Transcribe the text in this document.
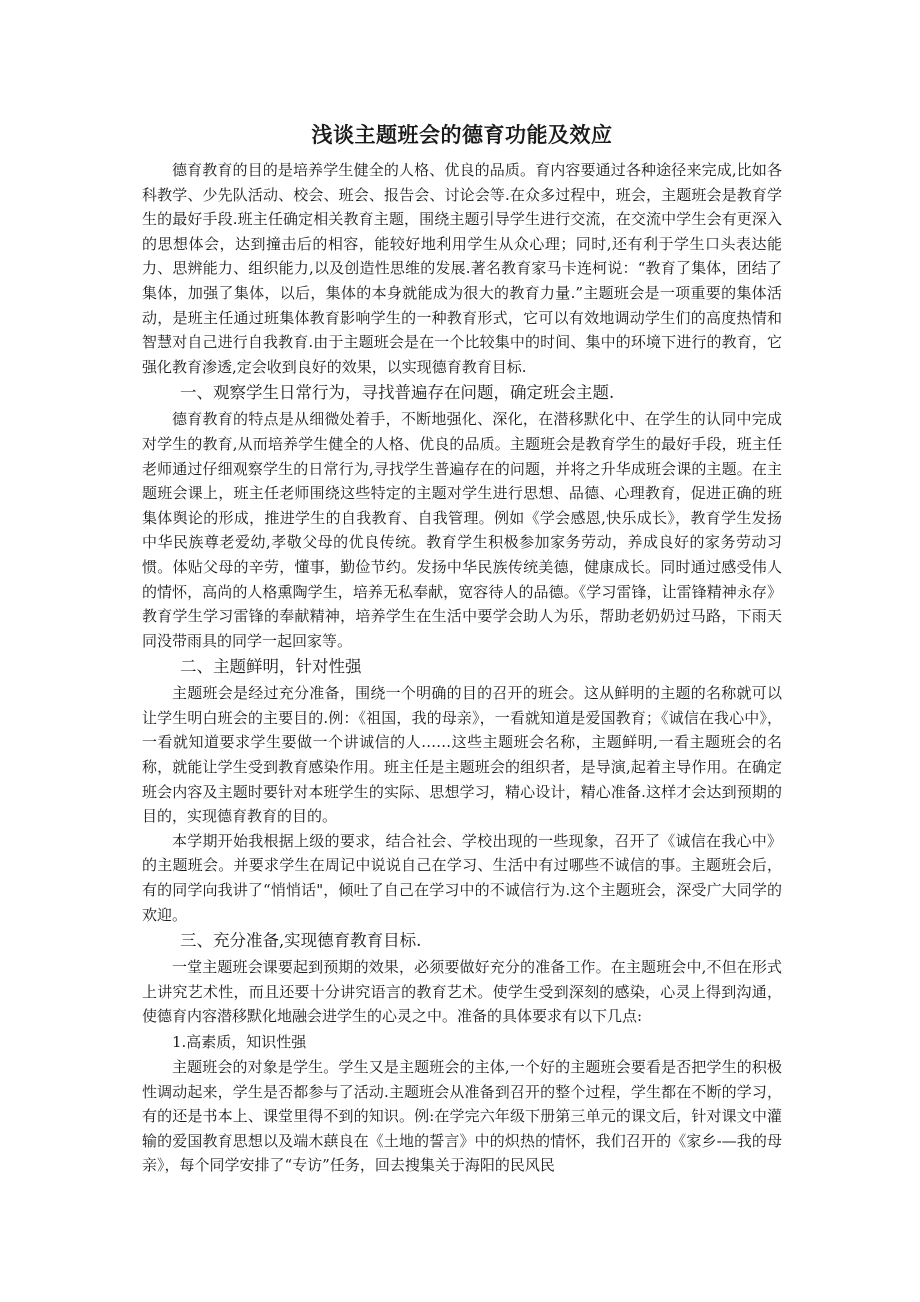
浅谈主题班会的德育功能及效应

德育教育的目的是培养学生健全的人格、优良的品质。育内容要通过各种途径来完成,比如各科教学、少先队活动、校会、班会、报告会、讨论会等.在众多过程中，班会，主题班会是教育学生的最好手段.班主任确定相关教育主题，围绕主题引导学生进行交流，在交流中学生会有更深入的思想体会，达到撞击后的相容，能较好地利用学生从众心理；同时,还有利于学生口头表达能力、思辨能力、组织能力,以及创造性思维的发展.著名教育家马卡连柯说：“教育了集体，团结了集体，加强了集体，以后，集体的本身就能成为很大的教育力量.”主题班会是一项重要的集体活动，是班主任通过班集体教育影响学生的一种教育形式，它可以有效地调动学生们的高度热情和智慧对自己进行自我教育.由于主题班会是在一个比较集中的时间、集中的环境下进行的教育，它强化教育渗透,定会收到良好的效果，以实现德育教育目标.

一、观察学生日常行为，寻找普遍存在问题，确定班会主题.

德育教育的特点是从细微处着手，不断地强化、深化，在潜移默化中、在学生的认同中完成对学生的教育,从而培养学生健全的人格、优良的品质。主题班会是教育学生的最好手段，班主任老师通过仔细观察学生的日常行为,寻找学生普遍存在的问题，并将之升华成班会课的主题。在主题班会课上，班主任老师围绕这些特定的主题对学生进行思想、品德、心理教育，促进正确的班集体舆论的形成，推进学生的自我教育、自我管理。例如《学会感恩,快乐成长》，教育学生发扬中华民族尊老爱幼,孝敬父母的优良传统。教育学生积极参加家务劳动，养成良好的家务劳动习惯。体贴父母的辛劳，懂事，勤俭节约。发扬中华民族传统美德，健康成长。同时通过感受伟人的情怀，高尚的人格熏陶学生，培养无私奉献，宽容待人的品德。《学习雷锋，让雷锋精神永存》教育学生学习雷锋的奉献精神，培养学生在生活中要学会助人为乐，帮助老奶奶过马路，下雨天同没带雨具的同学一起回家等。

二、主题鲜明，针对性强

主题班会是经过充分准备，围绕一个明确的目的召开的班会。这从鲜明的主题的名称就可以让学生明白班会的主要目的.例：《祖国，我的母亲》，一看就知道是爱国教育；《诚信在我心中》，一看就知道要求学生要做一个讲诚信的人……这些主题班会名称，主题鲜明,一看主题班会的名称，就能让学生受到教育感染作用。班主任是主题班会的组织者，是导演,起着主导作用。在确定班会内容及主题时要针对本班学生的实际、思想学习，精心设计，精心准备.这样才会达到预期的目的，实现德育教育的目的。

本学期开始我根据上级的要求，结合社会、学校出现的一些现象，召开了《诚信在我心中》的主题班会。并要求学生在周记中说说自己在学习、生活中有过哪些不诚信的事。主题班会后，有的同学向我讲了“悄悄话"，倾吐了自己在学习中的不诚信行为.这个主题班会，深受广大同学的欢迎。

三、充分准备,实现德育教育目标.

一堂主题班会课要起到预期的效果，必须要做好充分的准备工作。在主题班会中,不但在形式上讲究艺术性，而且还要十分讲究语言的教育艺术。使学生受到深刻的感染，心灵上得到沟通，使德育内容潜移默化地融会进学生的心灵之中。准备的具体要求有以下几点:

1.高素质，知识性强

主题班会的对象是学生。学生又是主题班会的主体,一个好的主题班会要看是否把学生的积极性调动起来，学生是否都参与了活动.主题班会从准备到召开的整个过程，学生都在不断的学习，有的还是书本上、课堂里得不到的知识。例:在学完六年级下册第三单元的课文后，针对课文中灌输的爱国教育思想以及端木蕻良在《土地的誓言》中的炽热的情怀，我们召开的《家乡-—我的母亲》，每个同学安排了“专访”任务，回去搜集关于海阳的民风民
